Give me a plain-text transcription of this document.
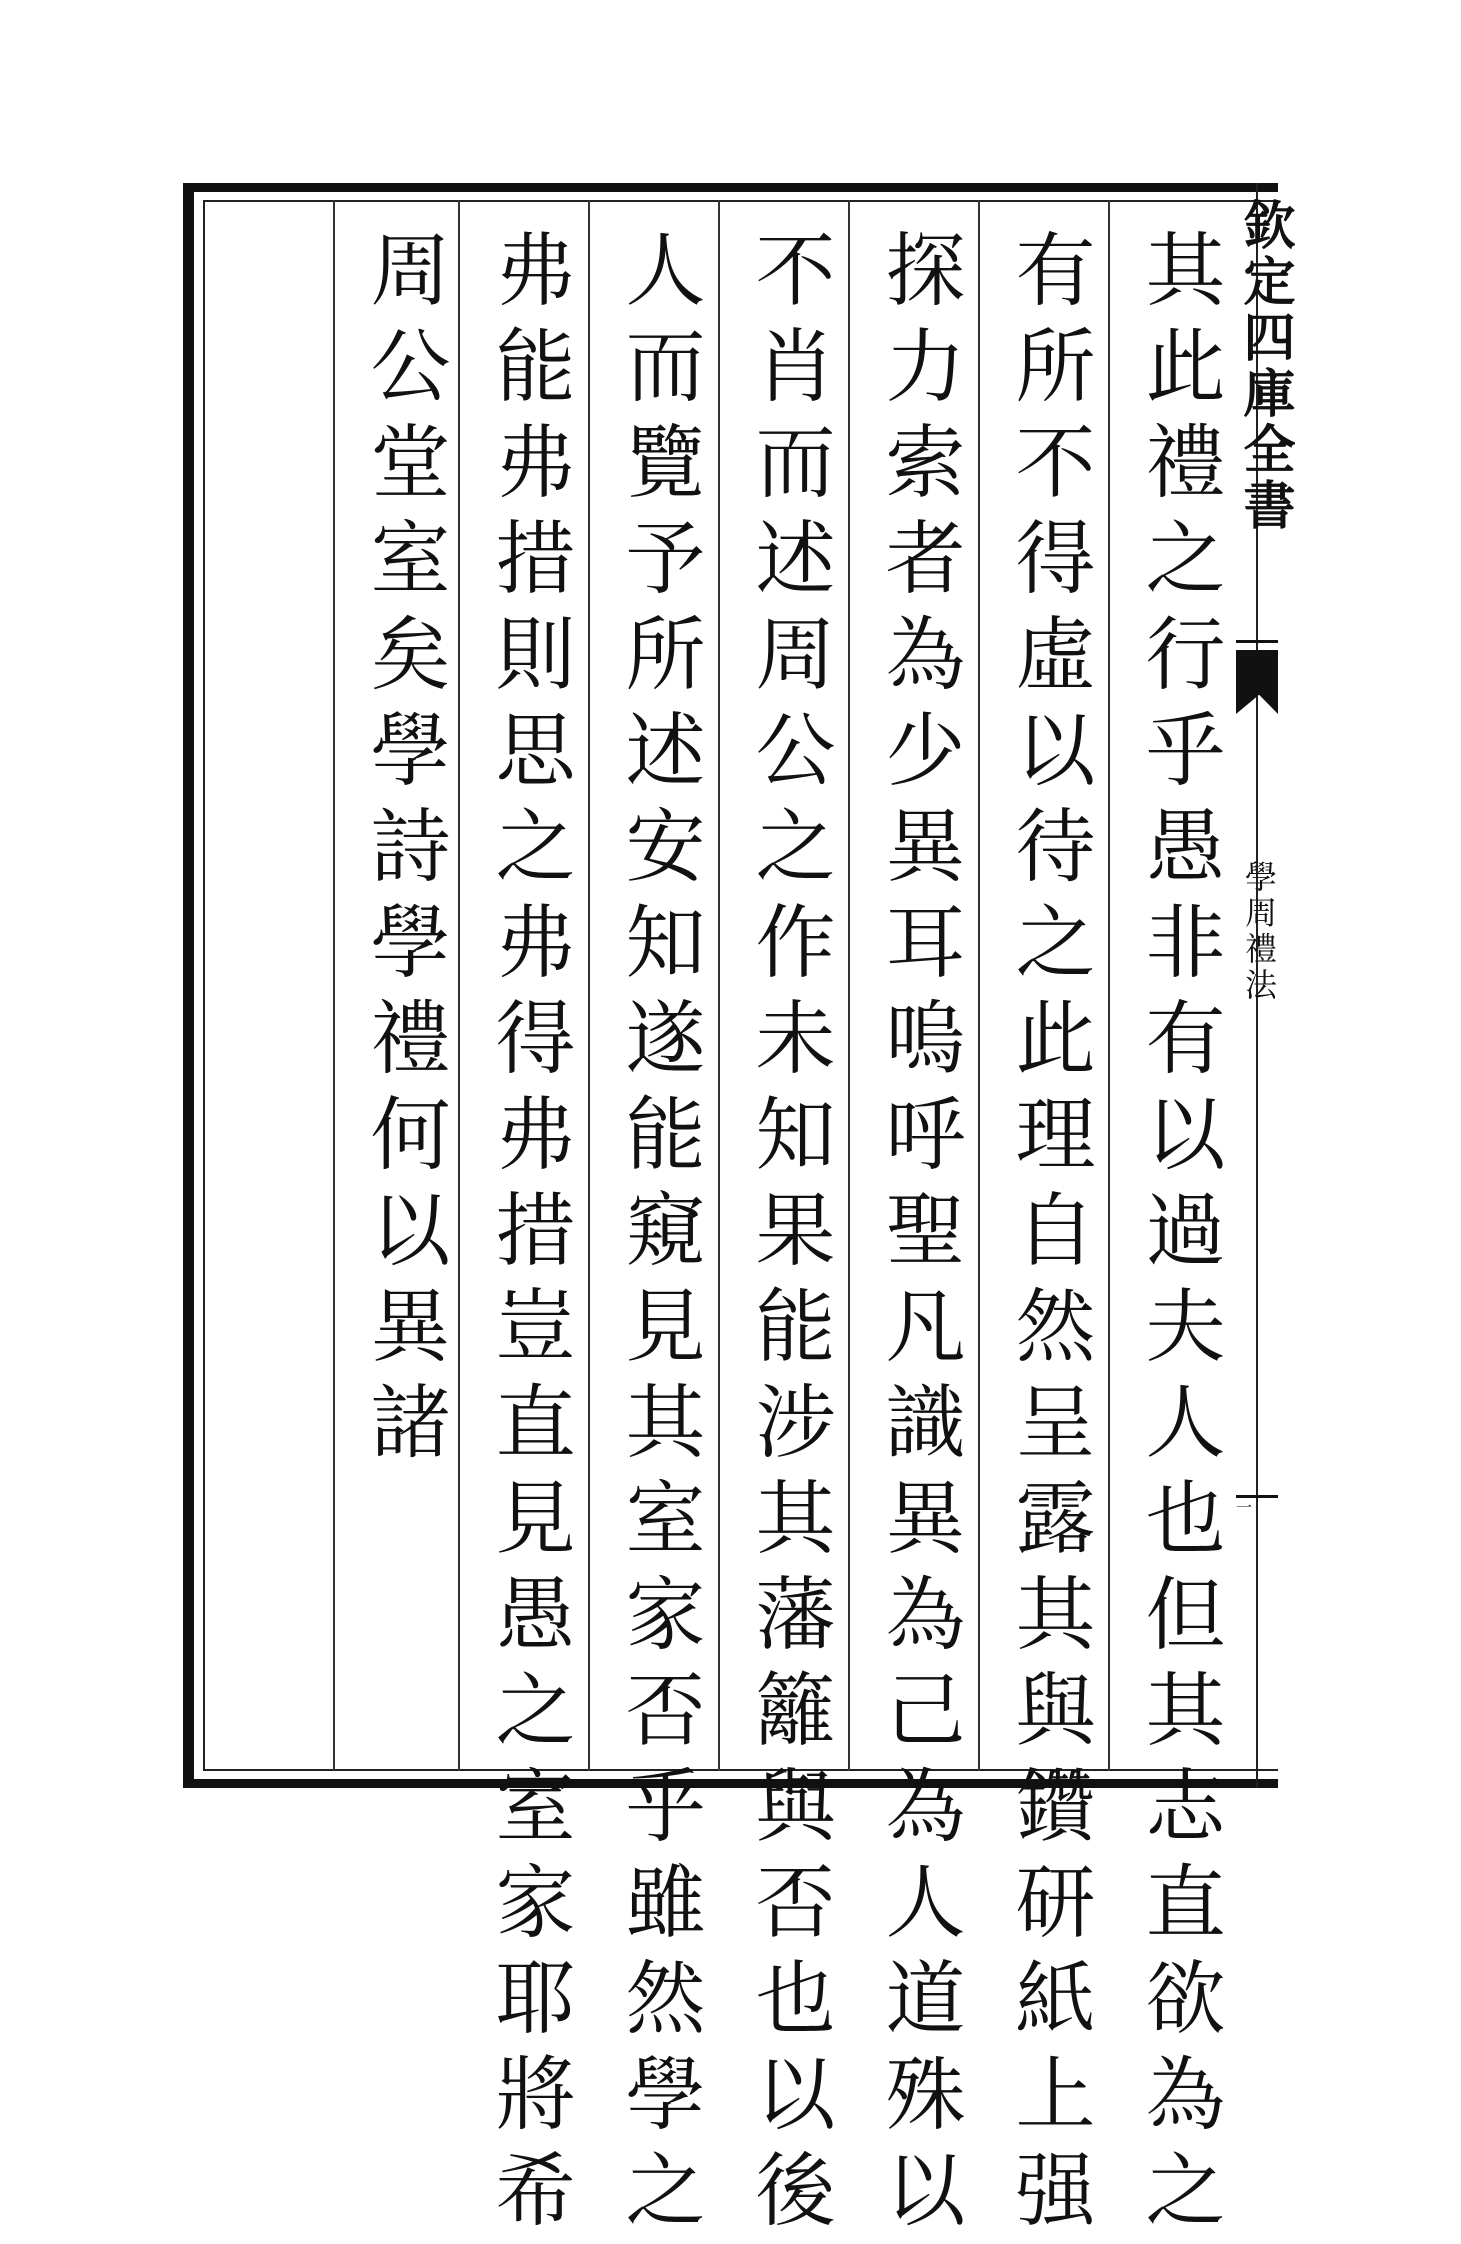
其此禮之行乎愚非有以過夫人也但其志直欲為之
有所不得虛以待之此理自然呈露其與鑽研紙上强
探力索者為少異耳嗚呼聖凡識異為己為人道殊以
不肖而述周公之作未知果能涉其藩籬與否也以後
人而覽予所述安知遂能窺見其室家否乎雖然學之
弗能弗措則思之弗得弗措豈直見愚之室家耶將希
周公堂室矣學詩學禮何以異諸	欽定四庫全書
學周禮法
一
